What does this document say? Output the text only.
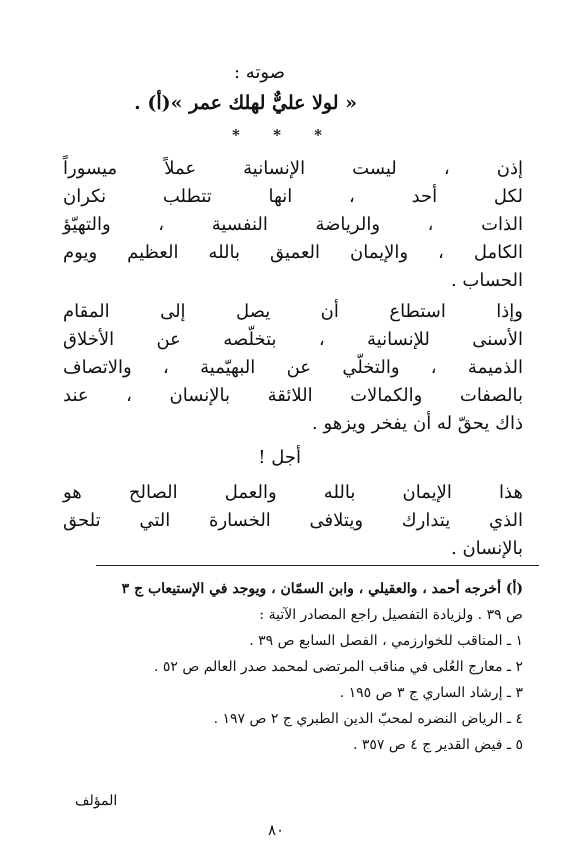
صوته :
« لولا عليٌّ لهلك عمر »(أ) .
* * *
إذن ، ليست الإنسانية عملاً ميسوراً
لكل أحد ، انها تتطلب نكران
الذات ، والرياضة النفسية ، والتهيّؤ
الكامل ، والإيمان العميق بالله العظيم ويوم
الحساب .
وإذا استطاع أن يصل إلى المقام
الأسنى للإنسانية ، بتخلّصه عن الأخلاق
الذميمة ، والتخلّي عن البهيّمية ، والاتصاف
بالصفات والكمالات اللائقة بالإنسان ، عند
ذاك يحقّ له أن يفخر ويزهو .
أجل !
هذا الإيمان بالله والعمل الصالح هو
الذي يتدارك ويتلافى الخسارة التي تلحق
بالإنسان .
(أ) أخرجه أحمد ، والعقيلي ، وابن السمّان ، ويوجد في الإستيعاب ج ٣
ص ٣٩ . ولزيادة التفصيل راجع المصادر الآتية :
١ ـ المناقب للخوارزمي ، الفصل السابع ص ٣٩ .
٢ ـ معارج العُلى في مناقب المرتضى لمحمد صدر العالم ص ٥٢ .
٣ ـ إرشاد الساري ج ٣ ص ١٩٥ .
٤ ـ الرياض النضره لمحبّ الدين الطبري ج ٢ ص ١٩٧ .
٥ ـ فيض القدير ج ٤ ص ٣٥٧ .
المؤلف
٨٠
